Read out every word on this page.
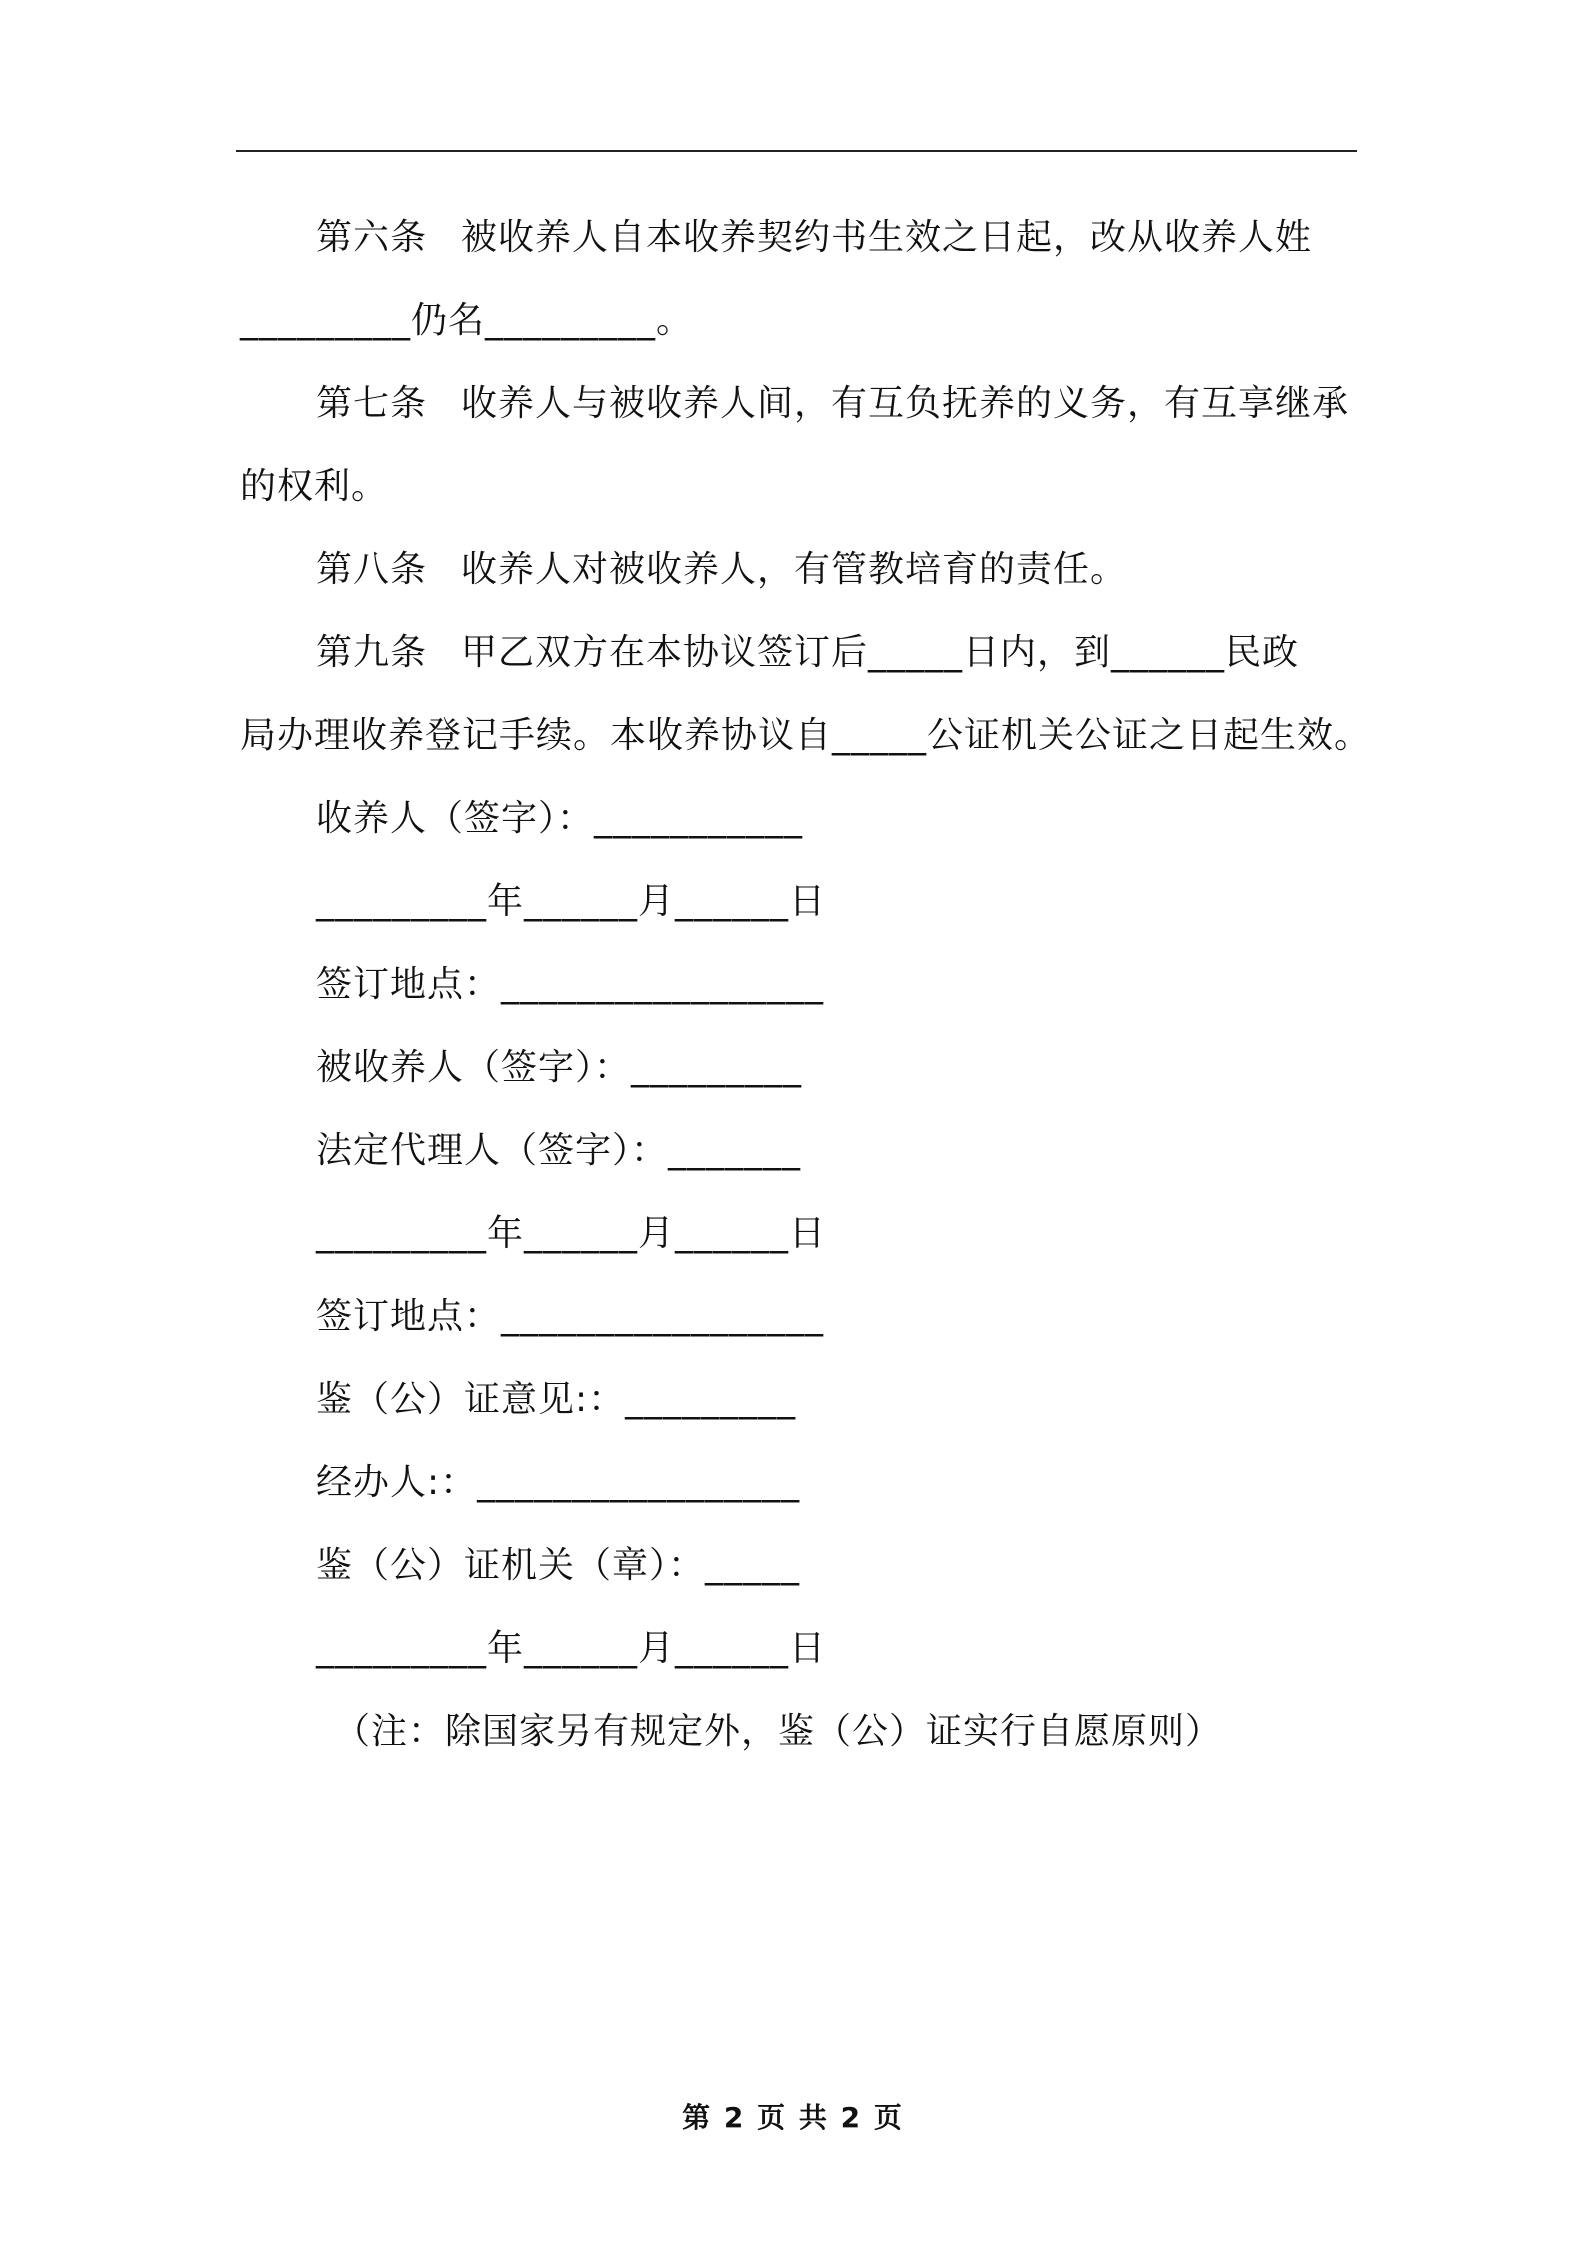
第六条 被收养人自本收养契约书生效之日起，改从收养人姓

_________仍名_________。

第七条 收养人与被收养人间，有互负抚养的义务，有互享继承

的权利。

第八条 收养人对被收养人，有管教培育的责任。

第九条 甲乙双方在本协议签订后_____日内，到______民政

局办理收养登记手续。本收养协议自_____公证机关公证之日起生效。

收养人（签字）：___________

_________年______月______日

签订地点：_________________

被收养人（签字）：_________

法定代理人（签字）：_______

_________年______月______日

签订地点：_________________

鉴（公）证意见:：_________

经办人:：_________________

鉴（公）证机关（章）：_____

_________年______月______日

（注：除国家另有规定外，鉴（公）证实行自愿原则）

第 2 页 共 2 页
